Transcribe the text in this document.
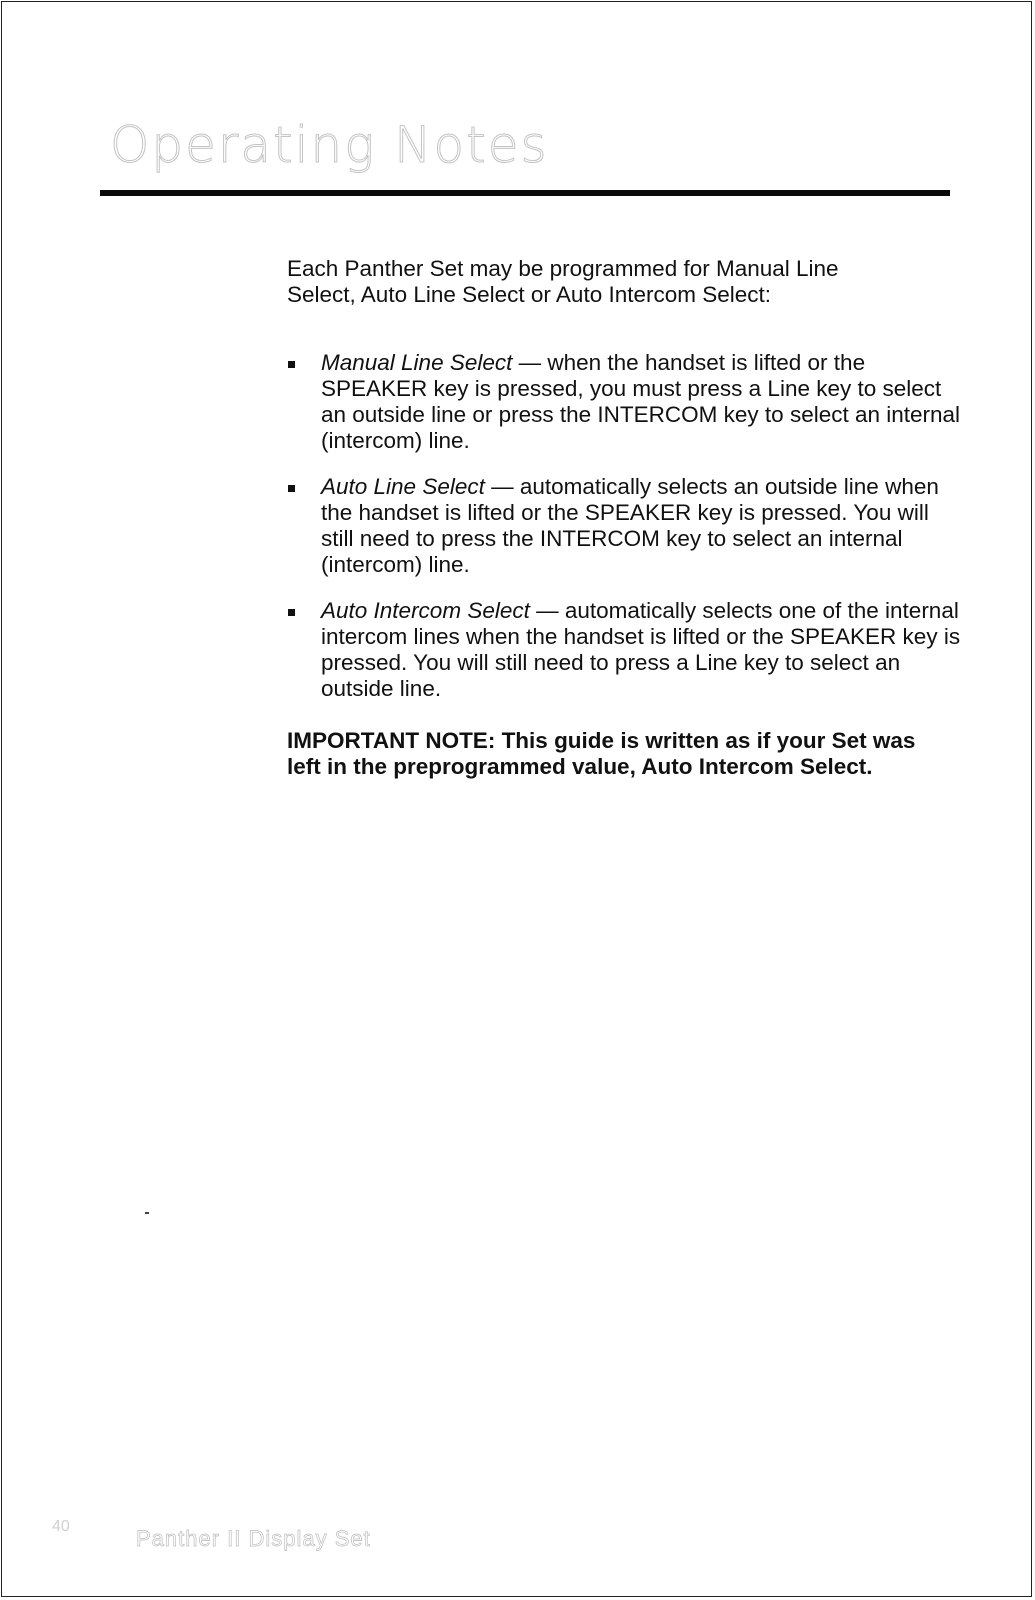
Operating Notes

Each Panther Set may be programmed for Manual Line Select, Auto Line Select or Auto Intercom Select:

Manual Line Select — when the handset is lifted or the SPEAKER key is pressed, you must press a Line key to select an outside line or press the INTERCOM key to select an internal (intercom) line.
Auto Line Select — automatically selects an outside line when the handset is lifted or the SPEAKER key is pressed. You will still need to press the INTERCOM key to select an internal (intercom) line.
Auto Intercom Select — automatically selects one of the internal intercom lines when the handset is lifted or the SPEAKER key is pressed. You will still need to press a Line key to select an outside line.

IMPORTANT NOTE: This guide is written as if your Set was left in the preprogrammed value, Auto Intercom Select.

40	Panther II Display Set
